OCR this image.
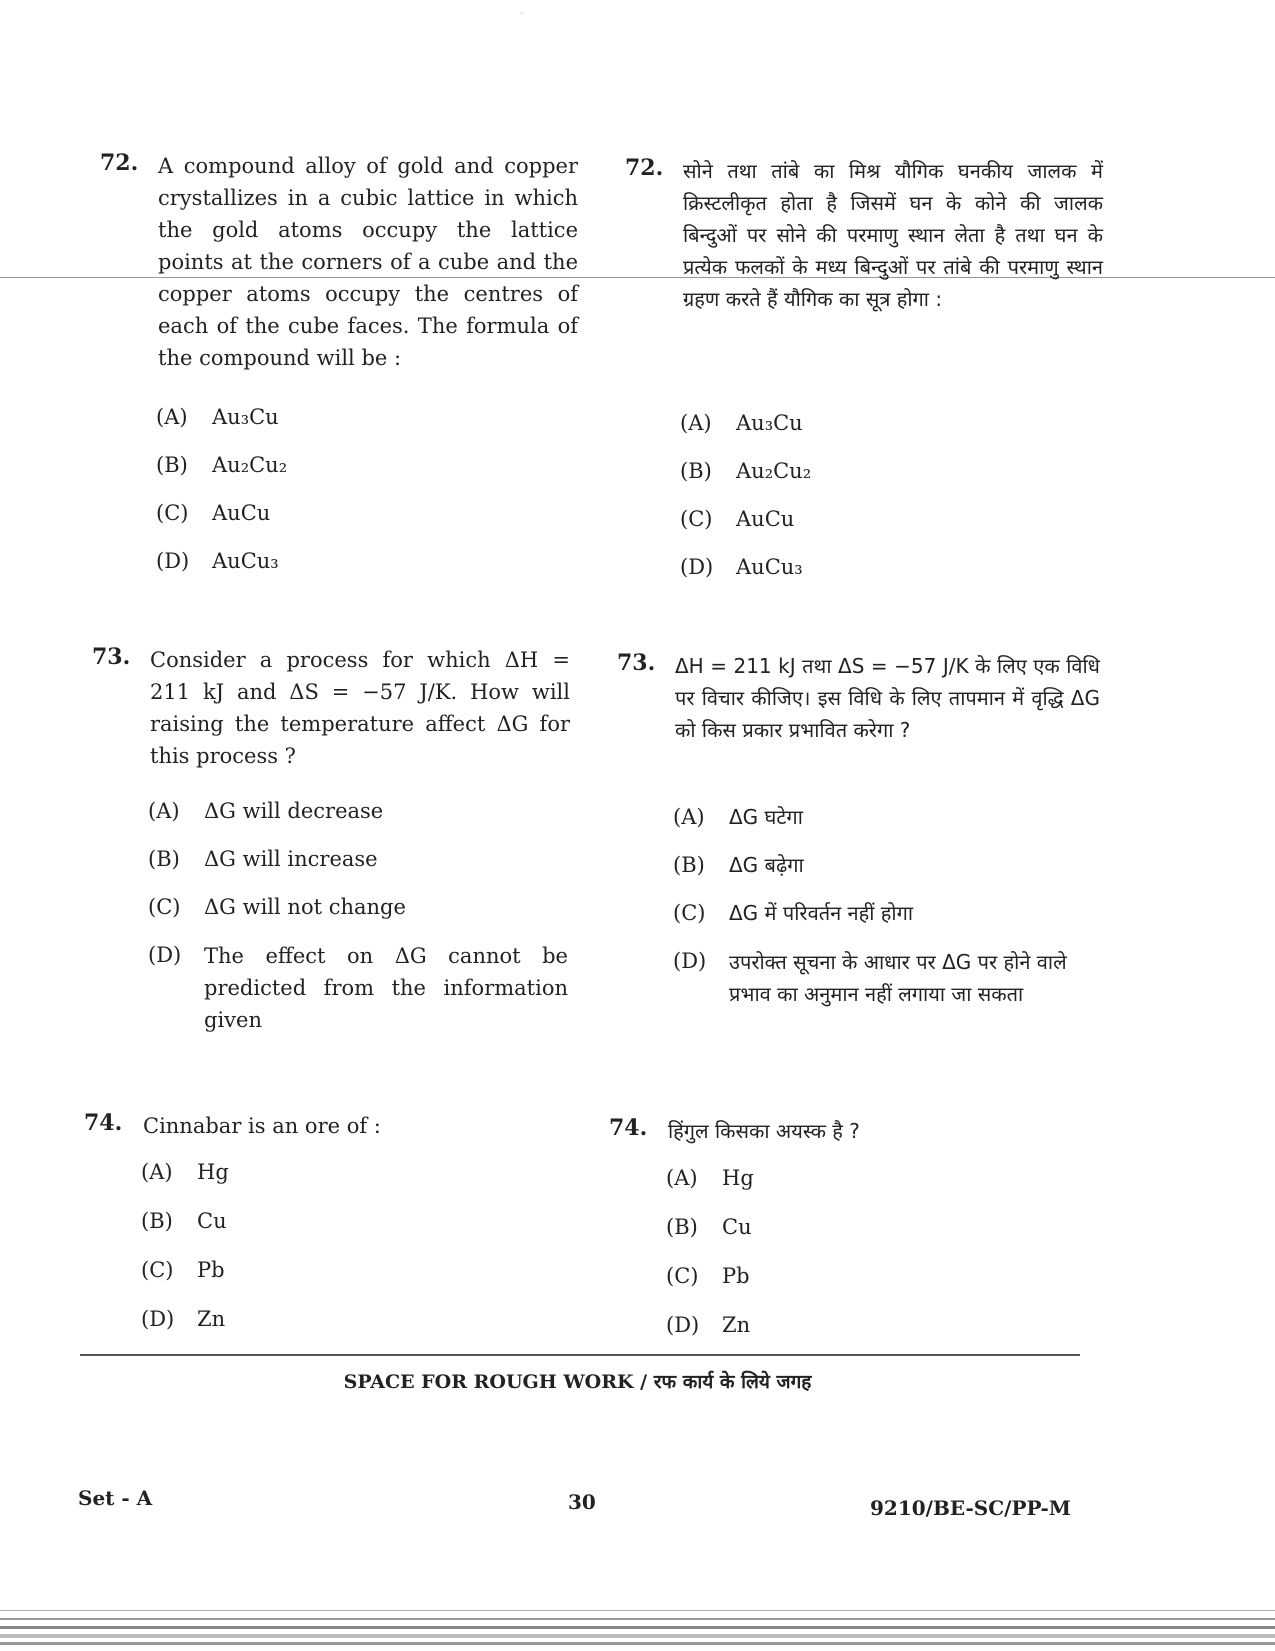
-
72. A compound alloy of gold and copper crystallizes in a cubic lattice in which the gold atoms occupy the lattice points at the corners of a cube and the copper atoms occupy the centres of each of the cube faces. The formula of the compound will be :
(A) Au₃Cu
(B) Au₂Cu₂
(C) AuCu
(D) AuCu₃
72. सोने तथा तांबे का मिश्र यौगिक घनकीय जालक में क्रिस्टलीकृत होता है जिसमें घन के कोने की जालक बिन्दुओं पर सोने की परमाणु स्थान लेता है तथा घन के प्रत्येक फलकों के मध्य बिन्दुओं पर तांबे की परमाणु स्थान ग्रहण करते हैं यौगिक का सूत्र होगा :
(A) Au₃Cu
(B) Au₂Cu₂
(C) AuCu
(D) AuCu₃
73. Consider a process for which ΔH = 211 kJ and ΔS = −57 J/K. How will raising the temperature affect ΔG for this process ?
(A) ΔG will decrease
(B) ΔG will increase
(C) ΔG will not change
(D)	The effect on ΔG cannot be predicted from the information given
73. ΔH = 211 kJ तथा ΔS = −57 J/K के लिए एक विधि पर विचार कीजिए। इस विधि के लिए तापमान में वृद्धि ΔG को किस प्रकार प्रभावित करेगा ?
(A) ΔG घटेगा
(B) ΔG बढ़ेगा
(C) ΔG में परिवर्तन नहीं होगा
(D)	उपरोक्त सूचना के आधार पर ΔG पर होने वाले प्रभाव का अनुमान नहीं लगाया जा सकता
74. Cinnabar is an ore of :
(A) Hg
(B) Cu
(C) Pb
(D) Zn
74. हिंगुल किसका अयस्क है ?
(A) Hg
(B) Cu
(C) Pb
(D) Zn
SPACE FOR ROUGH WORK / रफ कार्य के लिये जगह
Set - A	30	9210/BE-SC/PP-M
